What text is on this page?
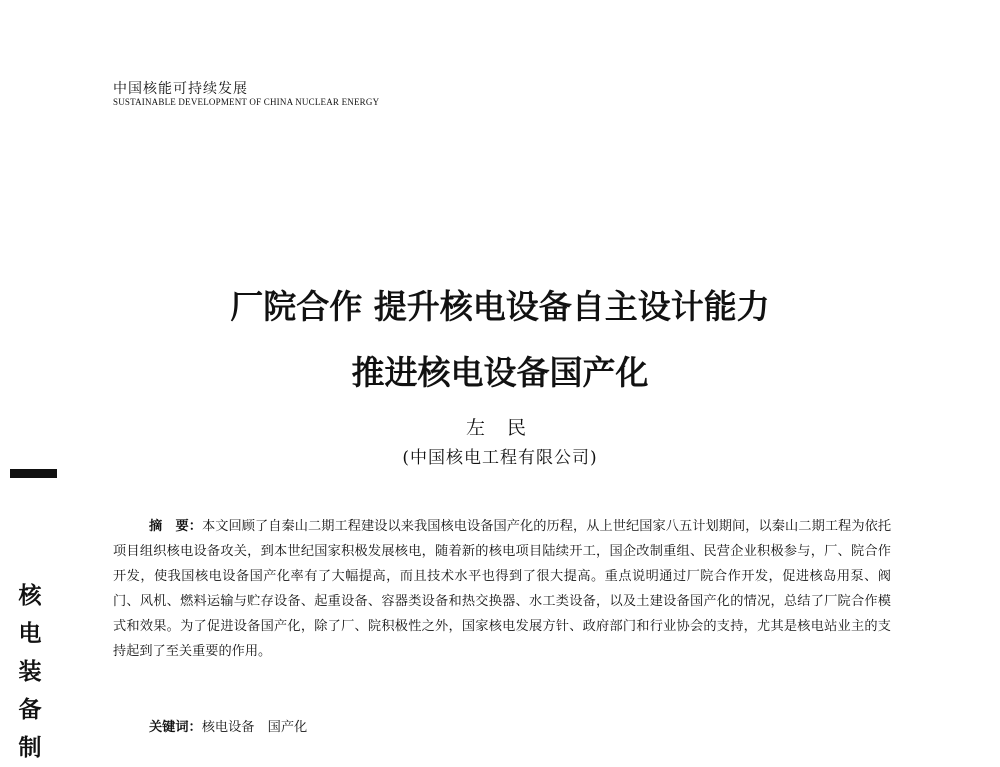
中国核能可持续发展
SUSTAINABLE DEVELOPMENT OF CHINA NUCLEAR ENERGY
厂院合作 提升核电设备自主设计能力
推进核电设备国产化
左 民
(中国核电工程有限公司)
核
电
装
备
制

摘　要：本文回顾了自秦山二期工程建设以来我国核电设备国产化的历程，从上世纪国家八五计划期间，以秦山二期工程为依托项目组织核电设备攻关，到本世纪国家积极发展核电，随着新的核电项目陆续开工，国企改制重组、民营企业积极参与，厂、院合作开发，使我国核电设备国产化率有了大幅提高，而且技术水平也得到了很大提高。重点说明通过厂院合作开发，促进核岛用泵、阀门、风机、燃料运输与贮存设备、起重设备、容器类设备和热交换器、水工类设备，以及土建设备国产化的情况，总结了厂院合作模式和效果。为了促进设备国产化，除了厂、院积极性之外，国家核电发展方针、政府部门和行业协会的支持，尤其是核电站业主的支持起到了至关重要的作用。

关键词：核电设备　国产化
